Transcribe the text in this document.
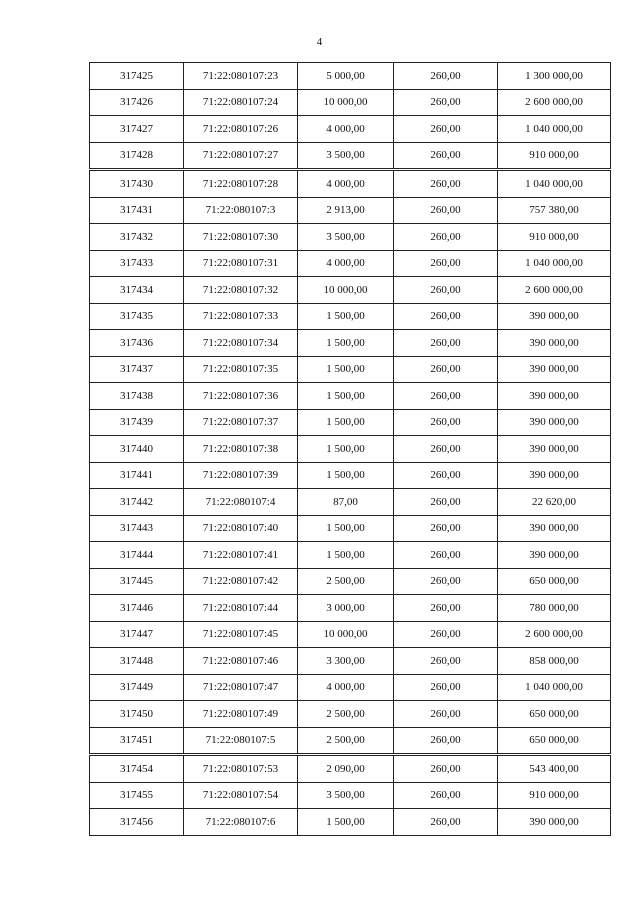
4
317425	71:22:080107:23	5 000,00	260,00	1 300 000,00
317426	71:22:080107:24	10 000,00	260,00	2 600 000,00
317427	71:22:080107:26	4 000,00	260,00	1 040 000,00
317428	71:22:080107:27	3 500,00	260,00	910 000,00
317430	71:22:080107:28	4 000,00	260,00	1 040 000,00
317431	71:22:080107:3	2 913,00	260,00	757 380,00
317432	71:22:080107:30	3 500,00	260,00	910 000,00
317433	71:22:080107:31	4 000,00	260,00	1 040 000,00
317434	71:22:080107:32	10 000,00	260,00	2 600 000,00
317435	71:22:080107:33	1 500,00	260,00	390 000,00
317436	71:22:080107:34	1 500,00	260,00	390 000,00
317437	71:22:080107:35	1 500,00	260,00	390 000,00
317438	71:22:080107:36	1 500,00	260,00	390 000,00
317439	71:22:080107:37	1 500,00	260,00	390 000,00
317440	71:22:080107:38	1 500,00	260,00	390 000,00
317441	71:22:080107:39	1 500,00	260,00	390 000,00
317442	71:22:080107:4	87,00	260,00	22 620,00
317443	71:22:080107:40	1 500,00	260,00	390 000,00
317444	71:22:080107:41	1 500,00	260,00	390 000,00
317445	71:22:080107:42	2 500,00	260,00	650 000,00
317446	71:22:080107:44	3 000,00	260,00	780 000,00
317447	71:22:080107:45	10 000,00	260,00	2 600 000,00
317448	71:22:080107:46	3 300,00	260,00	858 000,00
317449	71:22:080107:47	4 000,00	260,00	1 040 000,00
317450	71:22:080107:49	2 500,00	260,00	650 000,00
317451	71:22:080107:5	2 500,00	260,00	650 000,00
317454	71:22:080107:53	2 090,00	260,00	543 400,00
317455	71:22:080107:54	3 500,00	260,00	910 000,00
317456	71:22:080107:6	1 500,00	260,00	390 000,00
